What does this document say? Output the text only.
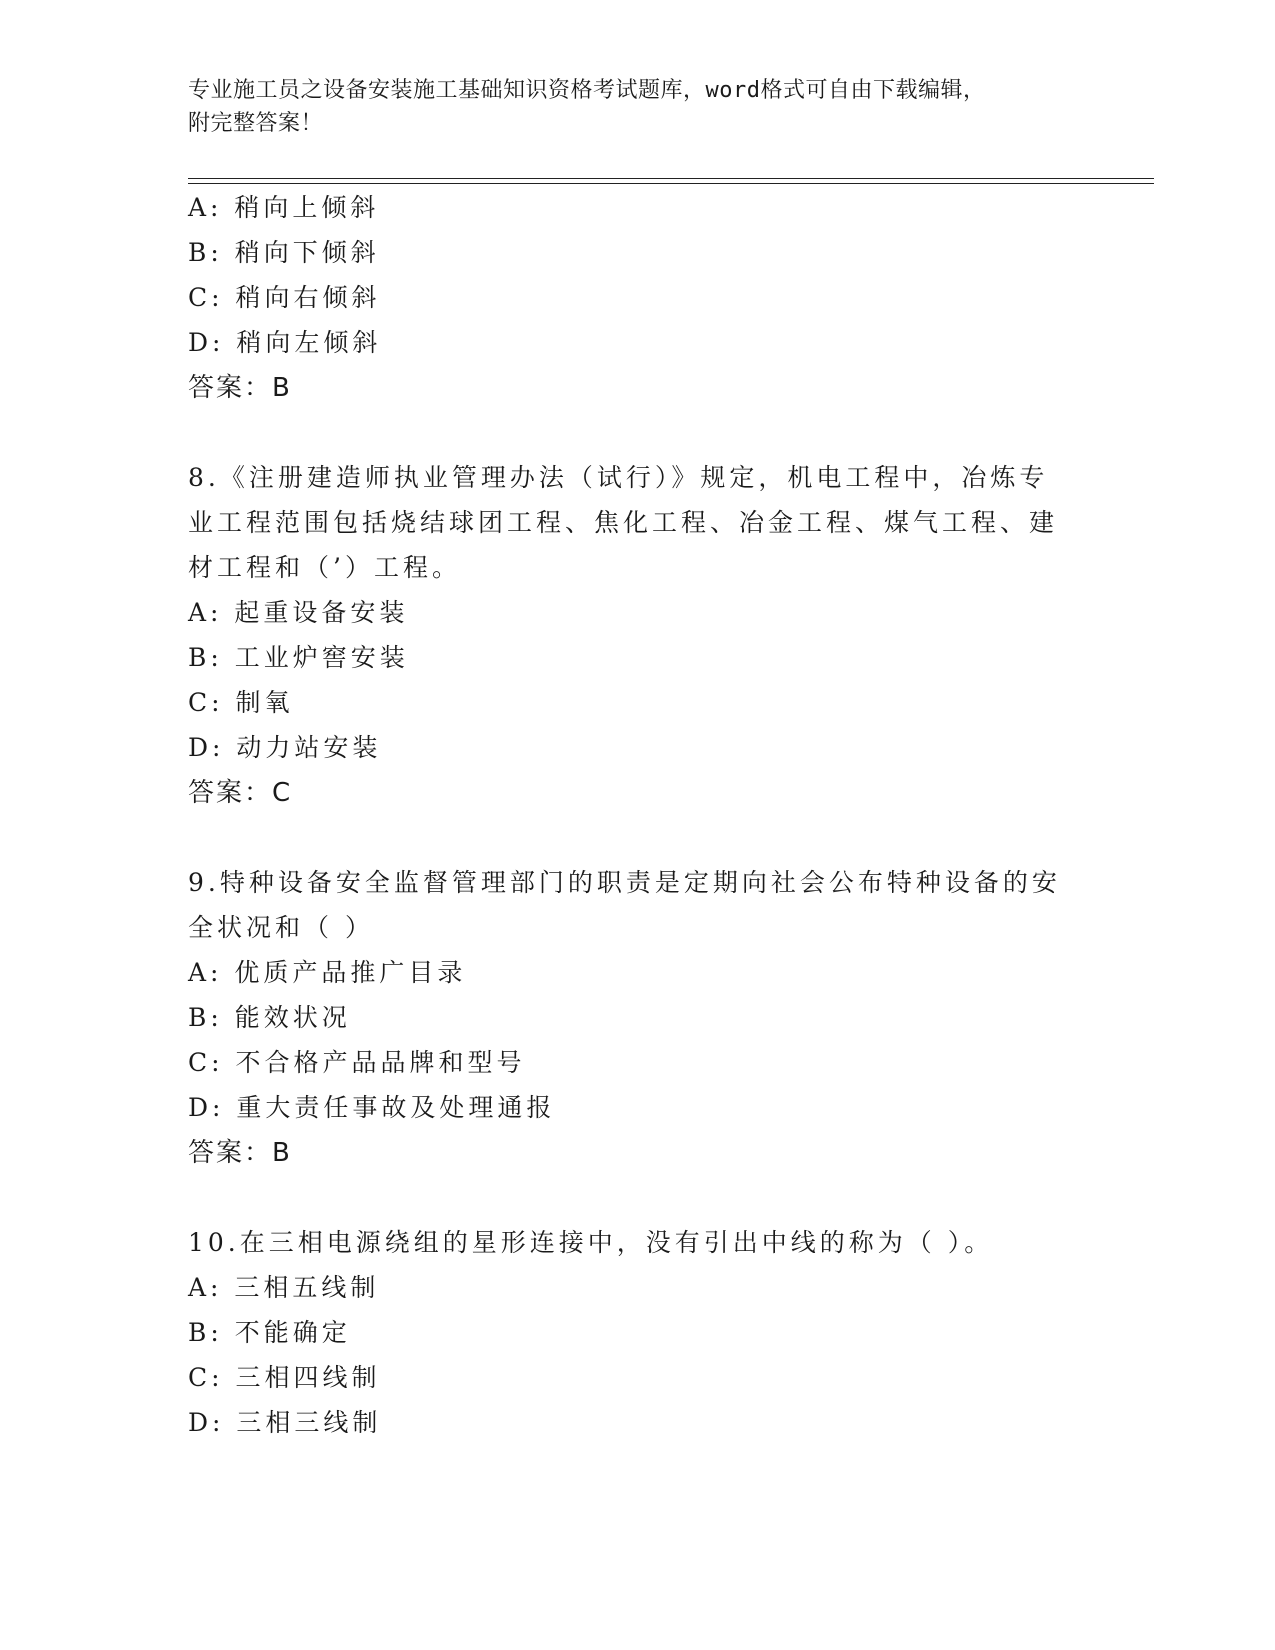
专业施工员之设备安装施工基础知识资格考试题库，word格式可自由下载编辑，
附完整答案！
A: 稍向上倾斜
B: 稍向下倾斜
C: 稍向右倾斜
D: 稍向左倾斜
答案：B
8.《注册建造师执业管理办法（试行）》规定，机电工程中，冶炼专
业工程范围包括烧结球团工程、焦化工程、冶金工程、煤气工程、建
材工程和（’）工程。
A: 起重设备安装
B: 工业炉窖安装
C: 制氧
D: 动力站安装
答案：C
9.特种设备安全监督管理部门的职责是定期向社会公布特种设备的安
全状况和（ ）
A: 优质产品推广目录
B: 能效状况
C: 不合格产品品牌和型号
D: 重大责任事故及处理通报
答案：B
10.在三相电源绕组的星形连接中，没有引出中线的称为（ ）。
A: 三相五线制
B: 不能确定
C: 三相四线制
D: 三相三线制
